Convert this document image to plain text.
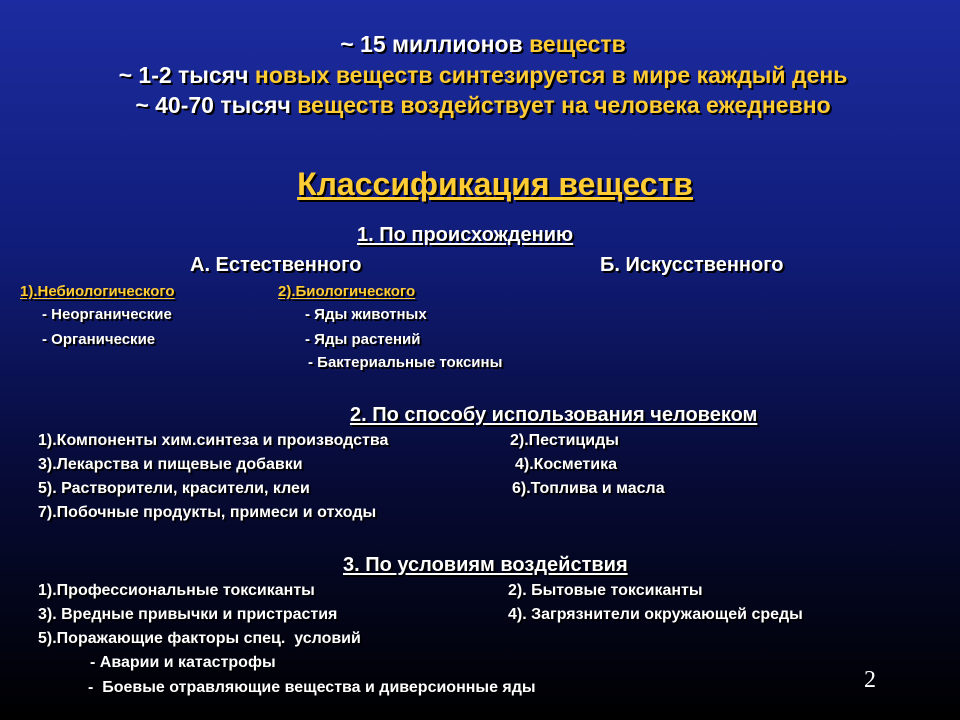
~ 15 миллионов веществ
~ 1-2 тысяч новых веществ синтезируется в мире каждый день
~ 40-70 тысяч веществ воздействует на человека ежедневно
Классификация веществ
1. По происхождению
А. Естественного	Б. Искусственного
1).Небиологического	2).Биологического
- Неорганические	- Яды животных
- Органические	- Яды растений
- Бактериальные токсины
2. По способу использования человеком
1).Компоненты хим.синтеза и производства	2).Пестициды
3).Лекарства и пищевые добавки	4).Косметика
5). Растворители, красители, клеи	6).Топлива и масла
7).Побочные продукты, примеси и отходы
3. По условиям воздействия
1).Профессиональные токсиканты	2). Бытовые токсиканты
3). Вредные привычки и пристрастия	4). Загрязнители окружающей среды
5).Поражающие факторы спец.  условий
- Аварии и катастрофы
-  Боевые отравляющие вещества и диверсионные яды	2
